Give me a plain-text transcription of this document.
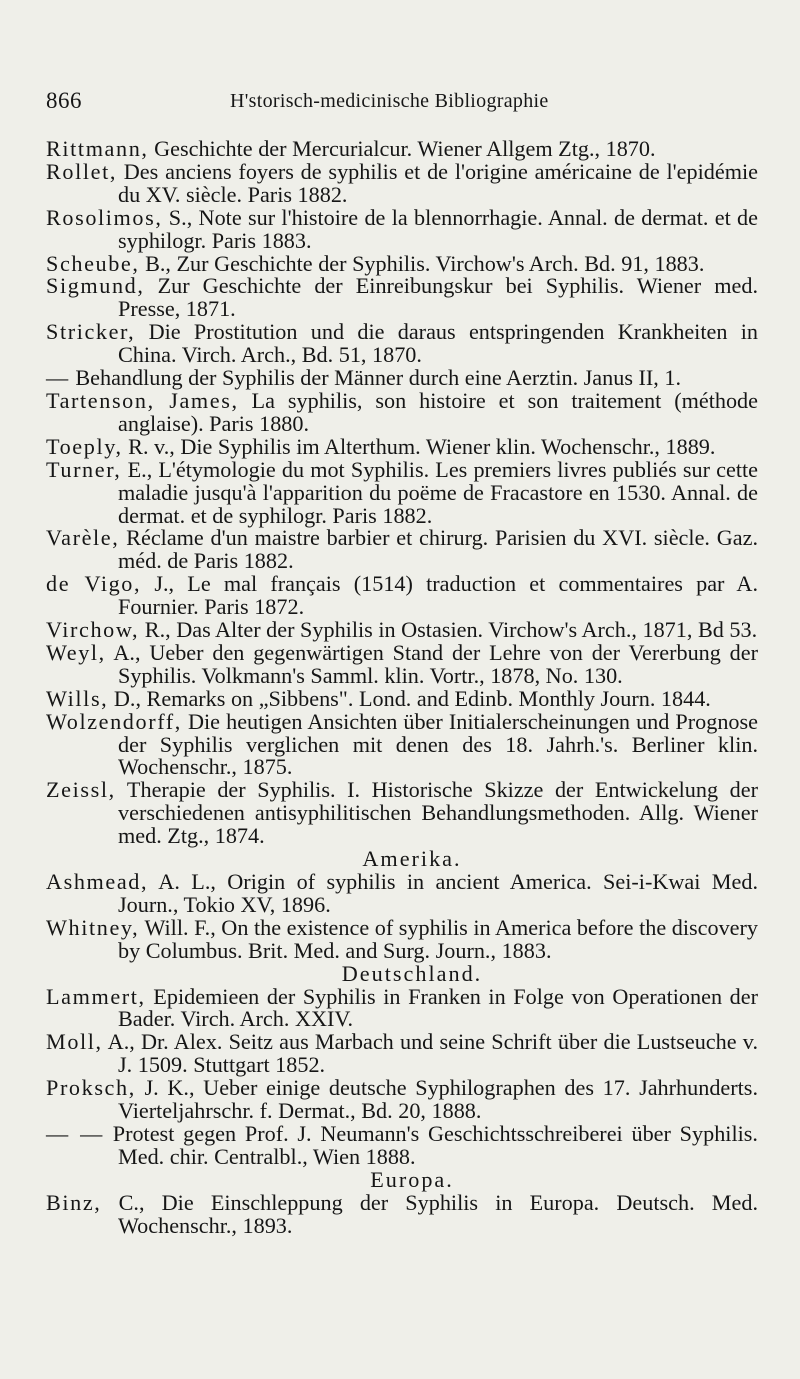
866	H'storisch-medicinische Bibliographie

Rittmann, Geschichte der Mercurialcur. Wiener Allgem Ztg., 1870.

Rollet, Des anciens foyers de syphilis et de l'origine américaine de l'epidémie du XV. siècle. Paris 1882.

Rosolimos, S., Note sur l'histoire de la blennorrhagie. Annal. de dermat. et de syphilogr. Paris 1883.

Scheube, B., Zur Geschichte der Syphilis. Virchow's Arch. Bd. 91, 1883.

Sigmund, Zur Geschichte der Einreibungskur bei Syphilis. Wiener med. Presse, 1871.

Stricker, Die Prostitution und die daraus entspringenden Krankheiten in China. Virch. Arch., Bd. 51, 1870.

— Behandlung der Syphilis der Männer durch eine Aerztin. Janus II, 1.

Tartenson, James, La syphilis, son histoire et son traitement (méthode anglaise). Paris 1880.

Toeply, R. v., Die Syphilis im Alterthum. Wiener klin. Wochenschr., 1889.

Turner, E., L'étymologie du mot Syphilis. Les premiers livres publiés sur cette maladie jusqu'à l'apparition du poëme de Fracastore en 1530. Annal. de dermat. et de syphilogr. Paris 1882.

Varèle, Réclame d'un maistre barbier et chirurg. Parisien du XVI. siècle. Gaz. méd. de Paris 1882.

de Vigo, J., Le mal français (1514) traduction et commentaires par A. Fournier. Paris 1872.

Virchow, R., Das Alter der Syphilis in Ostasien. Virchow's Arch., 1871, Bd 53.

Weyl, A., Ueber den gegenwärtigen Stand der Lehre von der Vererbung der Syphilis. Volkmann's Samml. klin. Vortr., 1878, No. 130.

Wills, D., Remarks on „Sibbens". Lond. and Edinb. Monthly Journ. 1844.

Wolzendorff, Die heutigen Ansichten über Initialerscheinungen und Prognose der Syphilis verglichen mit denen des 18. Jahrh.'s. Berliner klin. Wochenschr., 1875.

Zeissl, Therapie der Syphilis. I. Historische Skizze der Entwickelung der verschiedenen antisyphilitischen Behandlungsmethoden. Allg. Wiener med. Ztg., 1874.

Amerika.

Ashmead, A. L., Origin of syphilis in ancient America. Sei-i-Kwai Med. Journ., Tokio XV, 1896.

Whitney, Will. F., On the existence of syphilis in America before the discovery by Columbus. Brit. Med. and Surg. Journ., 1883.

Deutschland.

Lammert, Epidemieen der Syphilis in Franken in Folge von Operationen der Bader. Virch. Arch. XXIV.

Moll, A., Dr. Alex. Seitz aus Marbach und seine Schrift über die Lustseuche v. J. 1509. Stuttgart 1852.

Proksch, J. K., Ueber einige deutsche Syphilographen des 17. Jahrhunderts. Vierteljahrschr. f. Dermat., Bd. 20, 1888.

— — Protest gegen Prof. J. Neumann's Geschichtsschreiberei über Syphilis. Med. chir. Centralbl., Wien 1888.

Europa.

Binz, C., Die Einschleppung der Syphilis in Europa. Deutsch. Med. Wochenschr., 1893.
